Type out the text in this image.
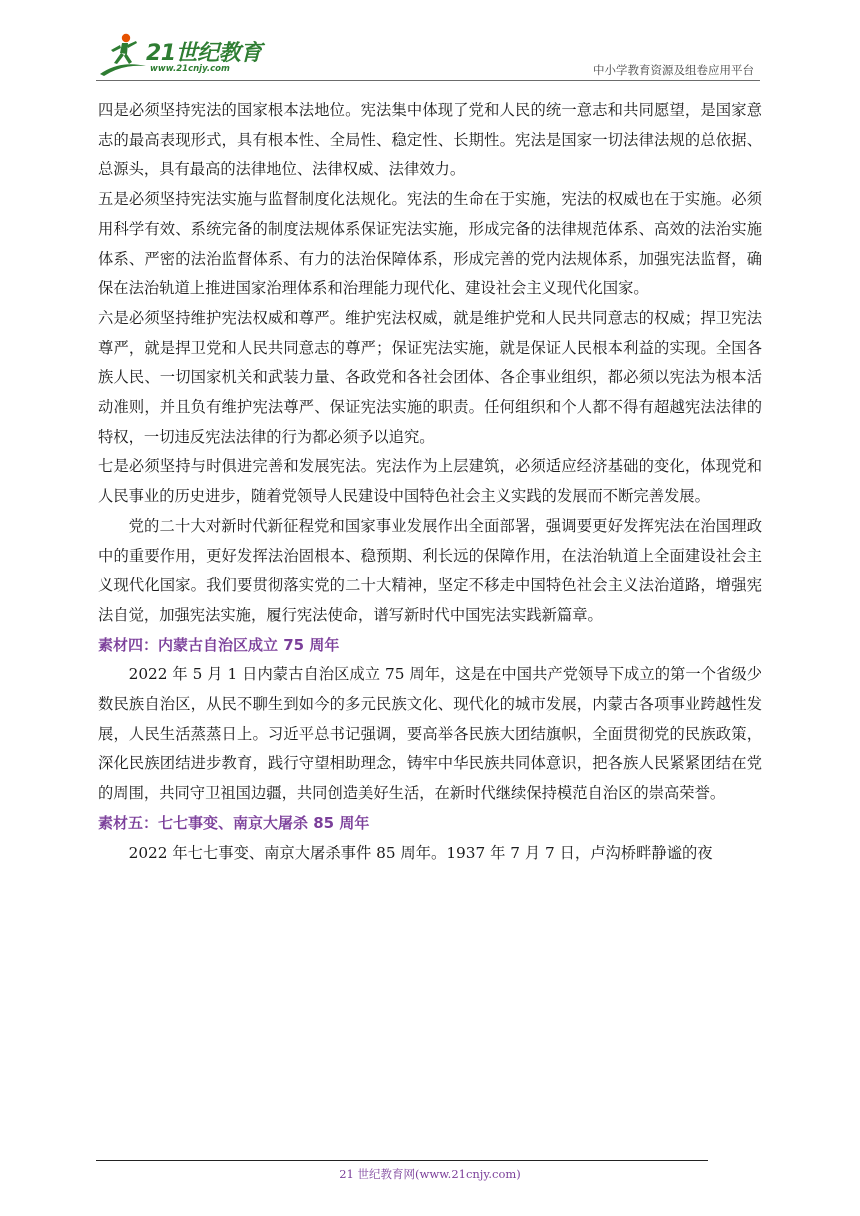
21世纪教育
www.21cnjy.com	中小学教育资源及组卷应用平台

四是必须坚持宪法的国家根本法地位。宪法集中体现了党和人民的统一意志和共同愿望，是国家意志的最高表现形式，具有根本性、全局性、稳定性、长期性。宪法是国家一切法律法规的总依据、总源头，具有最高的法律地位、法律权威、法律效力。

五是必须坚持宪法实施与监督制度化法规化。宪法的生命在于实施，宪法的权威也在于实施。必须用科学有效、系统完备的制度法规体系保证宪法实施，形成完备的法律规范体系、高效的法治实施体系、严密的法治监督体系、有力的法治保障体系，形成完善的党内法规体系，加强宪法监督，确保在法治轨道上推进国家治理体系和治理能力现代化、建设社会主义现代化国家。

六是必须坚持维护宪法权威和尊严。维护宪法权威，就是维护党和人民共同意志的权威；捍卫宪法尊严，就是捍卫党和人民共同意志的尊严；保证宪法实施，就是保证人民根本利益的实现。全国各族人民、一切国家机关和武装力量、各政党和各社会团体、各企事业组织，都必须以宪法为根本活动准则，并且负有维护宪法尊严、保证宪法实施的职责。任何组织和个人都不得有超越宪法法律的特权，一切违反宪法法律的行为都必须予以追究。

七是必须坚持与时俱进完善和发展宪法。宪法作为上层建筑，必须适应经济基础的变化，体现党和人民事业的历史进步，随着党领导人民建设中国特色社会主义实践的发展而不断完善发展。

党的二十大对新时代新征程党和国家事业发展作出全面部署，强调要更好发挥宪法在治国理政中的重要作用，更好发挥法治固根本、稳预期、利长远的保障作用，在法治轨道上全面建设社会主义现代化国家。我们要贯彻落实党的二十大精神，坚定不移走中国特色社会主义法治道路，增强宪法自觉，加强宪法实施，履行宪法使命，谱写新时代中国宪法实践新篇章。

素材四：内蒙古自治区成立 75 周年

2022 年 5 月 1 日内蒙古自治区成立 75 周年，这是在中国共产党领导下成立的第一个省级少数民族自治区，从民不聊生到如今的多元民族文化、现代化的城市发展，内蒙古各项事业跨越性发展，人民生活蒸蒸日上。习近平总书记强调，要高举各民族大团结旗帜，全面贯彻党的民族政策，深化民族团结进步教育，践行守望相助理念，铸牢中华民族共同体意识，把各族人民紧紧团结在党的周围，共同守卫祖国边疆，共同创造美好生活，在新时代继续保持模范自治区的崇高荣誉。

素材五：七七事变、南京大屠杀 85 周年

2022 年七七事变、南京大屠杀事件 85 周年。1937 年 7 月 7 日，卢沟桥畔静谧的夜

21 世纪教育网(www.21cnjy.com)
